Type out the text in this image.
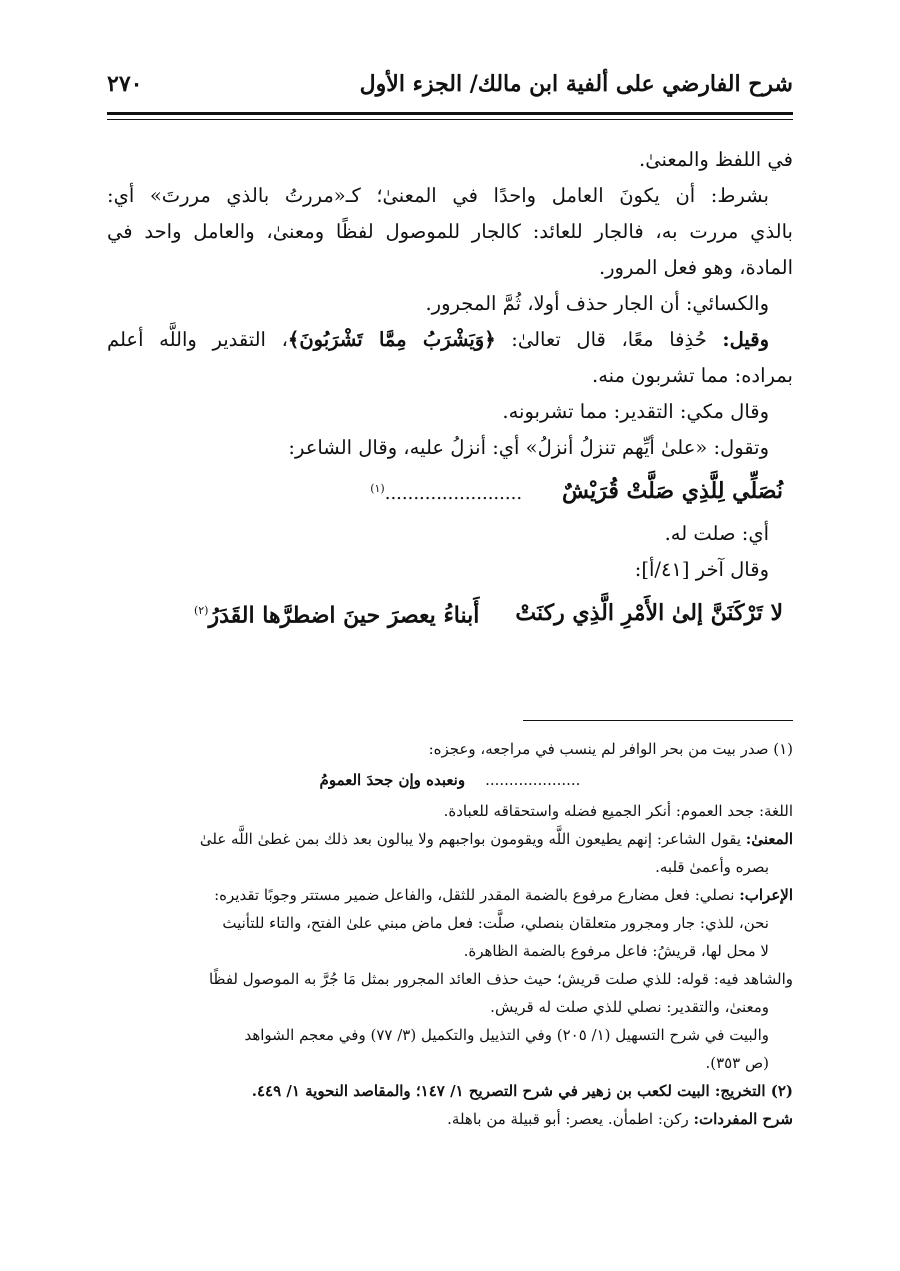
شرح الفارضي على ألفية ابن مالك/ الجزء الأول
٢٧٠
في اللفظ والمعنىٰ.
بشرط: أن يكونَ العامل واحدًا في المعنىٰ؛ كـ«مررتُ بالذي مررتَ» أي:
بالذي مررت به، فالجار للعائد: كالجار للموصول لفظًا ومعنىٰ، والعامل واحد في
المادة، وهو فعل المرور.
والكسائي: أن الجار حذف أولا، ثُمَّ المجرور.
وقيل: حُذِفا معًا، قال تعالىٰ: ﴿وَيَشْرَبُ مِمَّا تَشْرَبُونَ﴾، التقدير واللَّه أعلم
بمراده: مما تشربون منه.
وقال مكي: التقدير: مما تشربونه.
وتقول: «علىٰ أيِّهم تنزلُ أنزلُ» أي: أنزلُ عليه، وقال الشاعر:
نُصَلِّي لِلَّذِي صَلَّتْ قُرَيْشٌ
........................$^{(١)}$
أي: صلت له.
وقال آخر [٤١/أ]:
لا تَرْكَنَنَّ إلىٰ الأَمْرِ الَّذِي ركنَتْ
أَبناءُ يعصرَ حينَ اضطرَّها القَدَرُ$^{(٢)}$
(١) صدر بيت من بحر الوافر لم ينسب في مراجعه، وعجزه:
....................ونعبده وإن جحدَ العمومُ
اللغة: جحد العموم: أنكر الجميع فضله واستحقاقه للعبادة.
المعنىٰ: يقول الشاعر: إنهم يطيعون اللَّه ويقومون بواجبهم ولا يبالون بعد ذلك بمن غطىٰ اللَّه علىٰ
بصره وأعمىٰ قلبه.
الإعراب: نصلي: فعل مضارع مرفوع بالضمة المقدر للثقل، والفاعل ضمير مستتر وجوبًا تقديره:
نحن، للذي: جار ومجرور متعلقان بنصلي، صلَّت: فعل ماض مبني علىٰ الفتح، والتاء للتأنيث
لا محل لها، قريشُ: فاعل مرفوع بالضمة الظاهرة.
والشاهد فيه: قوله: للذي صلت قريش؛ حيث حذف العائد المجرور بمثل مَا جُرَّ به الموصول لفظًا
ومعنىٰ، والتقدير: نصلي للذي صلت له قريش.
والبيت في شرح التسهيل (١/ ٢٠٥) وفي التذييل والتكميل (٣/ ٧٧) وفي معجم الشواهد
(ص ٣٥٣).
(٢) التخريج: البيت لكعب بن زهير في شرح التصريح ١/ ١٤٧؛ والمقاصد النحوية ١/ ٤٤٩.
شرح المفردات: ركن: اطمأن. يعصر: أبو قبيلة من باهلة.
